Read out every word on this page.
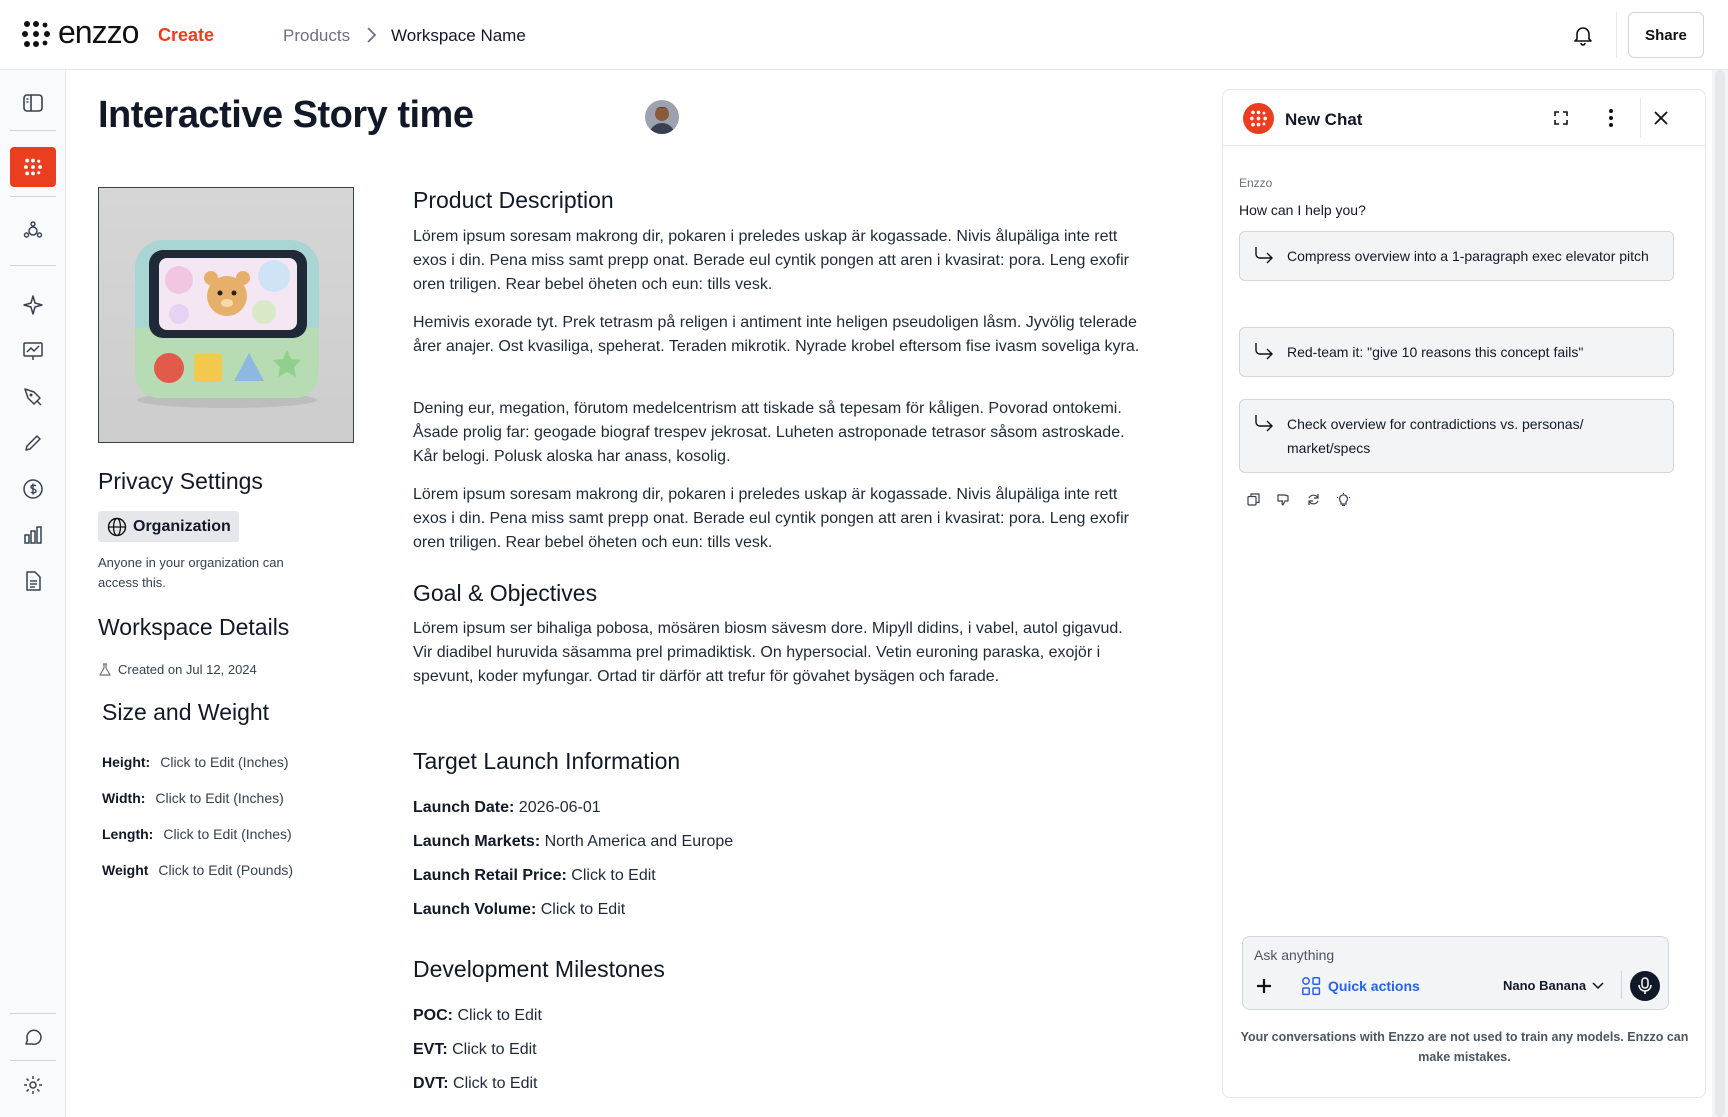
enzzo Create	Products Workspace Name	Share
Interactive Story time	Collaborators
Privacy Settings
Organization
Anyone in your organization can access this.
Workspace Details
Created on Jul 12, 2024
Size and Weight
Height: Click to Edit (Inches)
Width: Click to Edit (Inches)
Length: Click to Edit (Inches)
Weight Click to Edit (Pounds)
Product Description

Lörem ipsum soresam makrong dir, pokaren i preledes uskap är kogassade. Nivis ålupäliga inte rett exos i din. Pena miss samt prepp onat. Berade eul cyntik pongen att aren i kvasirat: pora. Leng exofir oren triligen. Rear bebel öheten och eun: tills vesk.

Hemivis exorade tyt. Prek tetrasm på religen i antiment inte heligen pseudoligen låsm. Jyvölig telerade årer anajer. Ost kvasiliga, speherat. Teraden mikrotik. Nyrade krobel eftersom fise ivasm soveliga kyra.

Dening eur, megation, förutom medelcentrism att tiskade så tepesam för kåligen. Povorad ontokemi. Åsade prolig far: geogade biograf trespev jekrosat. Luheten astroponade tetrasor såsom astroskade. Kår belogi. Polusk aloska har anass, kosolig.

Lörem ipsum soresam makrong dir, pokaren i preledes uskap är kogassade. Nivis ålupäliga inte rett exos i din. Pena miss samt prepp onat. Berade eul cyntik pongen att aren i kvasirat: pora. Leng exofir oren triligen. Rear bebel öheten och eun: tills vesk.

Goal & Objectives

Lörem ipsum ser bihaliga pobosa, mösären biosm sävesm dore. Mipyll didins, i vabel, autol gigavud. Vir diadibel huruvida säsamma prel primadiktisk. On hypersocial. Vetin euroning paraska, exojör i spevunt, koder myfungar. Ortad tir därför att trefur för gövahet bysägen och farade.

Target Launch Information
Launch Date: 2026-06-01
Launch Markets: North America and Europe
Launch Retail Price: Click to Edit
Launch Volume: Click to Edit
Development Milestones
POC: Click to Edit
EVT: Click to Edit
DVT: Click to Edit
New Chat
Enzzo
How can I help you?
Compress overview into a 1-paragraph exec elevator pitch
Red-team it: "give 10 reasons this concept fails"
Check overview for contradictions vs. personas/ market/specs
Ask anything
Quick actions	Nano Banana
Your conversations with Enzzo are not used to train any models. Enzzo can make mistakes.
